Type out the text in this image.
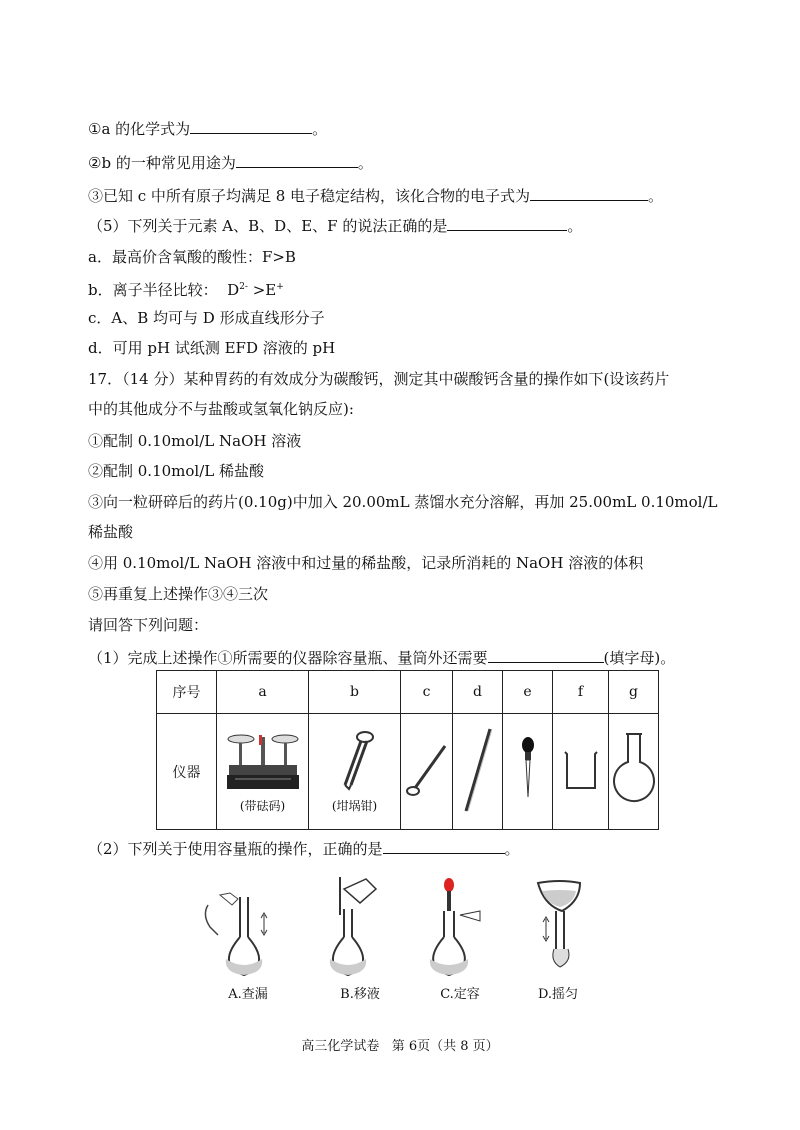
①a 的化学式为	。
②b 的一种常见用途为	。
③已知 c 中所有原子均满足 8 电子稳定结构，该化合物的电子式为	。
（5）下列关于元素 A、B、D、E、F 的说法正确的是	。
a．最高价含氧酸的酸性：F>B
b．离子半径比较： $D^{2-} >E^+$
c．A、B 均可与 D 形成直线形分子
d．可用 pH 试纸测 EFD 溶液的 pH
17．（14 分）某种胃药的有效成分为碳酸钙，测定其中碳酸钙含量的操作如下(设该药片
中的其他成分不与盐酸或氢氧化钠反应):
①配制 0.10mol/L NaOH 溶液
②配制 0.10mol/L 稀盐酸
③向一粒研碎后的药片(0.10g)中加入 20.00mL 蒸馏水充分溶解，再加 25.00mL 0.10mol/L
稀盐酸
④用 0.10mol/L NaOH 溶液中和过量的稀盐酸，记录所消耗的 NaOH 溶液的体积
⑤再重复上述操作③④三次
请回答下列问题：
（1）完成上述操作①所需要的仪器除容量瓶、量筒外还需要	(填字母)。
序号	a	b	c	d	e	f	g
仪器	(带砝码)	(坩埚钳)

（2）下列关于使用容量瓶的操作，正确的是	。
A.查漏	B.移液	C.定容	D.摇匀
高三化学试卷 第 6页（共 8 页）
